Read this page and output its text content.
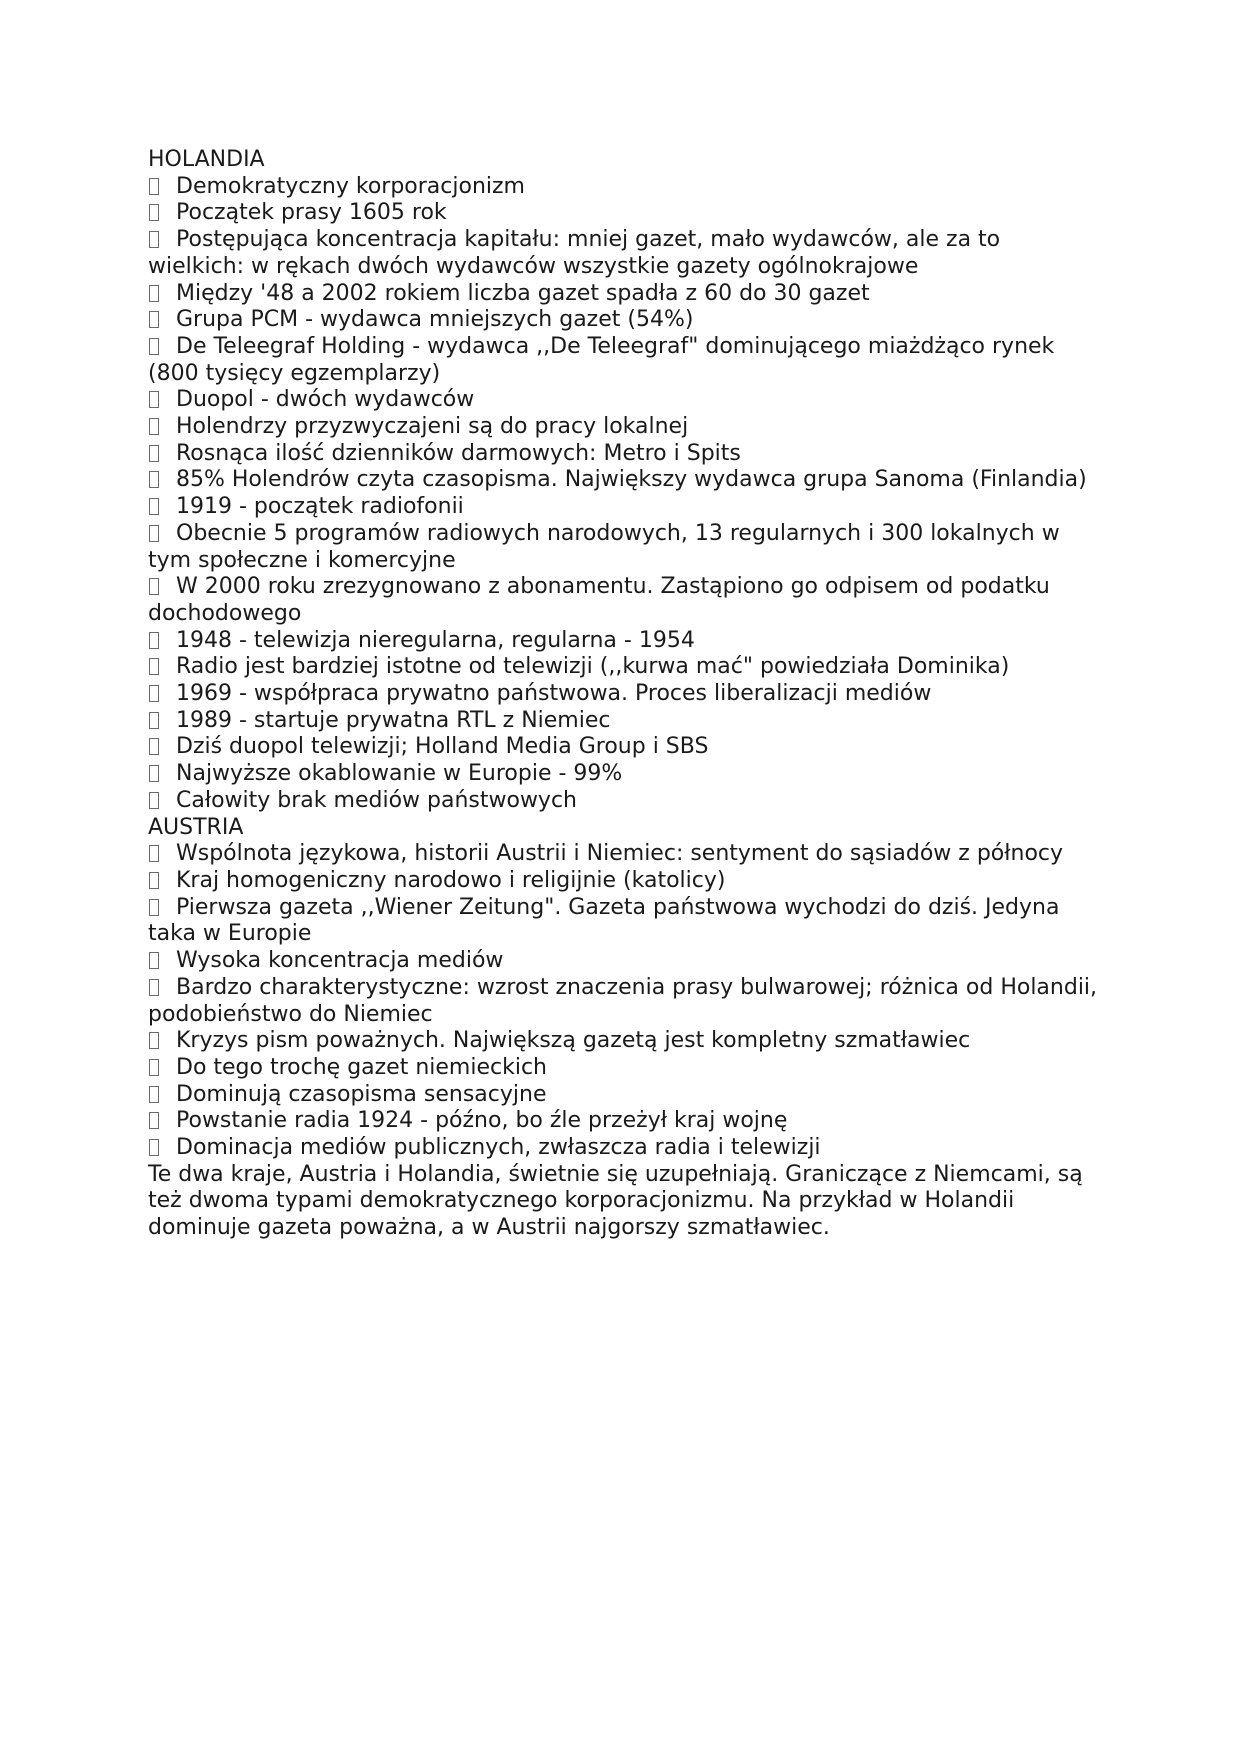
HOLANDIA
Demokratyczny korporacjonizm
Początek prasy 1605 rok
Postępująca koncentracja kapitału: mniej gazet, mało wydawców, ale za to wielkich: w rękach dwóch wydawców wszystkie gazety ogólnokrajowe
Między '48 a 2002 rokiem liczba gazet spadła z 60 do 30 gazet
Grupa PCM - wydawca mniejszych gazet (54%)
De Teleegraf Holding - wydawca ,,De Teleegraf" dominującego miażdżąco rynek (800 tysięcy egzemplarzy)
Duopol - dwóch wydawców
Holendrzy przyzwyczajeni są do pracy lokalnej
Rosnąca ilość dzienników darmowych: Metro i Spits
85% Holendrów czyta czasopisma. Największy wydawca grupa Sanoma (Finlandia)
1919 - początek radiofonii
Obecnie 5 programów radiowych narodowych, 13 regularnych i 300 lokalnych w tym społeczne i komercyjne
W 2000 roku zrezygnowano z abonamentu. Zastąpiono go odpisem od podatku dochodowego
1948 - telewizja nieregularna, regularna - 1954
Radio jest bardziej istotne od telewizji (,,kurwa mać" powiedziała Dominika)
1969 - współpraca prywatno państwowa. Proces liberalizacji mediów
1989 - startuje prywatna RTL z Niemiec
Dziś duopol telewizji; Holland Media Group i SBS
Najwyższe okablowanie w Europie - 99%
Całowity brak mediów państwowych
AUSTRIA
Wspólnota językowa, historii Austrii i Niemiec: sentyment do sąsiadów z północy
Kraj homogeniczny narodowo i religijnie (katolicy)
Pierwsza gazeta ,,Wiener Zeitung". Gazeta państwowa wychodzi do dziś. Jedyna taka w Europie
Wysoka koncentracja mediów
Bardzo charakterystyczne: wzrost znaczenia prasy bulwarowej; różnica od Holandii, podobieństwo do Niemiec
Kryzys pism poważnych. Największą gazetą jest kompletny szmatławiec
Do tego trochę gazet niemieckich
Dominują czasopisma sensacyjne
Powstanie radia 1924 - późno, bo źle przeżył kraj wojnę
Dominacja mediów publicznych, zwłaszcza radia i telewizji

Te dwa kraje, Austria i Holandia, świetnie się uzupełniają. Graniczące z Niemcami, są też dwoma typami demokratycznego korporacjonizmu. Na przykład w Holandii dominuje gazeta poważna, a w Austrii najgorszy szmatławiec.
